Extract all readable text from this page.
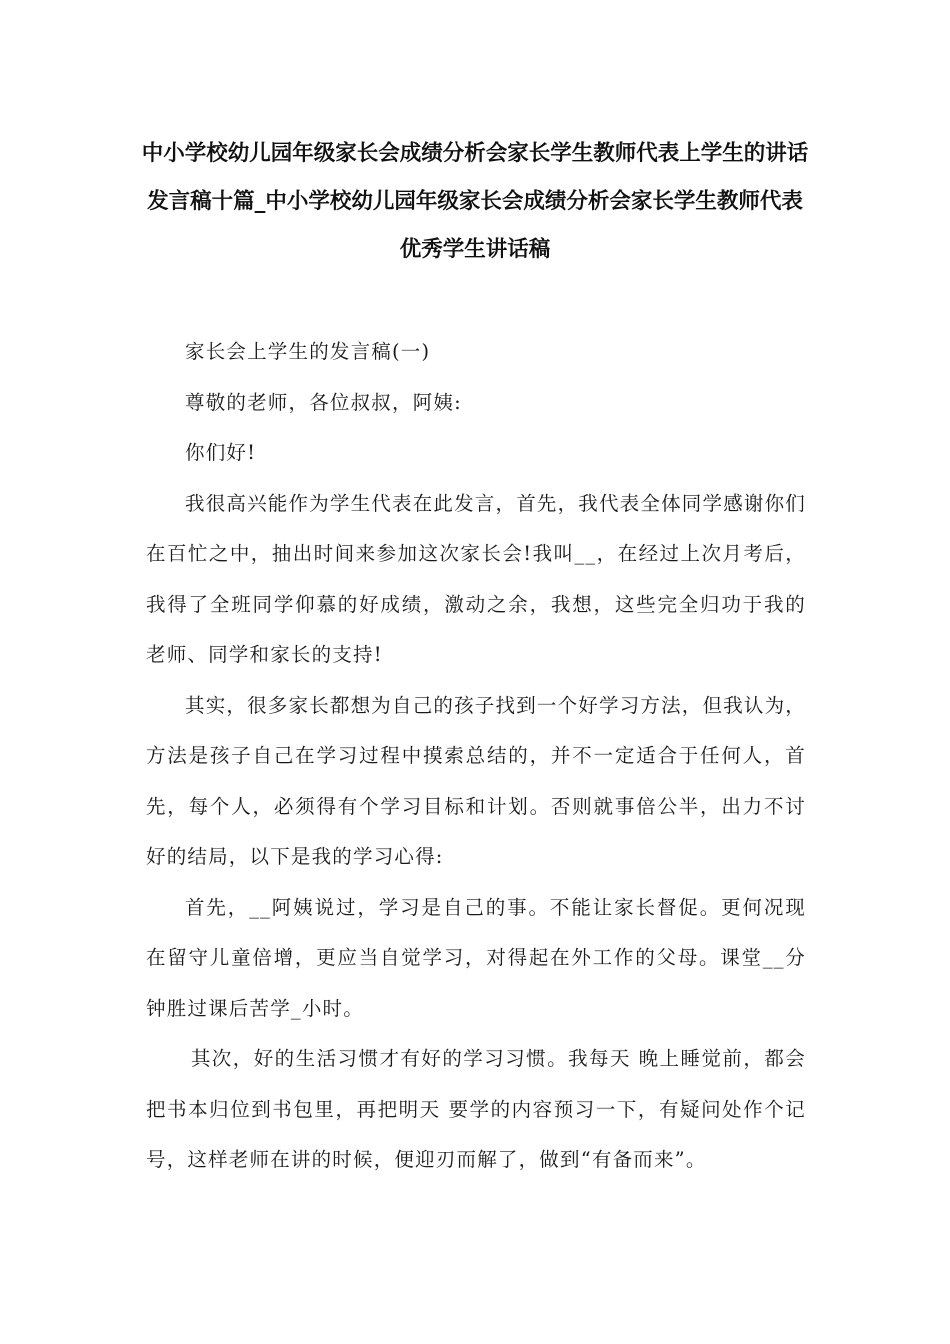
中小学校幼儿园年级家长会成绩分析会家长学生教师代表上学生的讲话发言稿十篇_中小学校幼儿园年级家长会成绩分析会家长学生教师代表优秀学生讲话稿

家长会上学生的发言稿(一)

尊敬的老师，各位叔叔，阿姨:

你们好!

我很高兴能作为学生代表在此发言，首先，我代表全体同学感谢你们在百忙之中，抽出时间来参加这次家长会!我叫__，在经过上次月考后，我得了全班同学仰慕的好成绩，激动之余，我想，这些完全归功于我的老师、同学和家长的支持!

其实，很多家长都想为自己的孩子找到一个好学习方法，但我认为，方法是孩子自己在学习过程中摸索总结的，并不一定适合于任何人，首先，每个人，必须得有个学习目标和计划。否则就事倍公半，出力不讨好的结局，以下是我的学习心得:

首先，__阿姨说过，学习是自己的事。不能让家长督促。更何况现在留守儿童倍增，更应当自觉学习，对得起在外工作的父母。课堂__分钟胜过课后苦学_小时。

其次，好的生活习惯才有好的学习习惯。我每天 晚上睡觉前，都会把书本归位到书包里，再把明天 要学的内容预习一下，有疑问处作个记号，这样老师在讲的时候，便迎刃而解了，做到“有备而来”。
